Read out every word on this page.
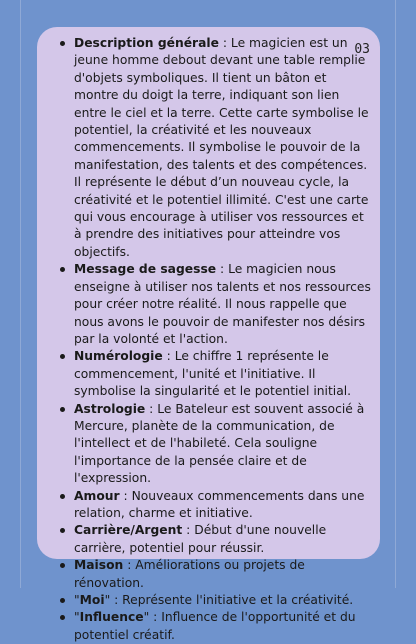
03
Description générale : Le magicien est un jeune homme debout devant une table remplie d'objets symboliques. Il tient un bâton et montre du doigt la terre, indiquant son lien entre le ciel et la terre. Cette carte symbolise le potentiel, la créativité et les nouveaux commencements. Il symbolise le pouvoir de la manifestation, des talents et des compétences. Il représente le début d’un nouveau cycle, la créativité et le potentiel illimité. C'est une carte qui vous encourage à utiliser vos ressources et à prendre des initiatives pour atteindre vos objectifs.
Message de sagesse : Le magicien nous enseigne à utiliser nos talents et nos ressources pour créer notre réalité. Il nous rappelle que nous avons le pouvoir de manifester nos désirs par la volonté et l'action.
Numérologie : Le chiffre 1 représente le commencement, l'unité et l'initiative. Il symbolise la singularité et le potentiel initial.
Astrologie : Le Bateleur est souvent associé à Mercure, planète de la communication, de l'intellect et de l'habileté. Cela souligne l'importance de la pensée claire et de l'expression.
Amour : Nouveaux commencements dans une relation, charme et initiative.
Carrière/Argent : Début d'une nouvelle carrière, potentiel pour réussir.
Maison : Améliorations ou projets de rénovation.
"Moi" : Représente l'initiative et la créativité.
"Influence" : Influence de l'opportunité et du potentiel créatif.
